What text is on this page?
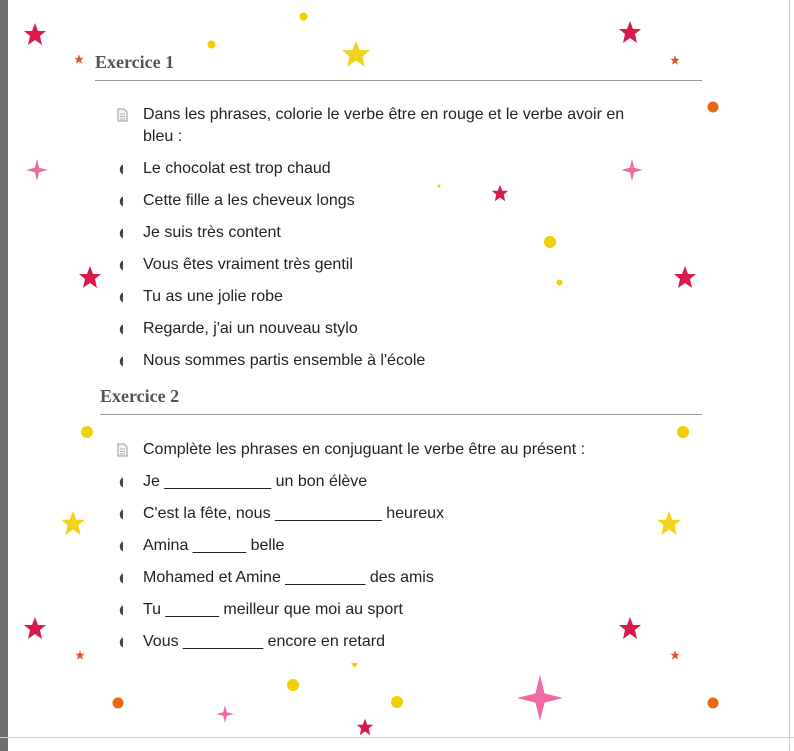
Exercice 1
Dans les phrases, colorie le verbe être en rouge et le verbe avoir en
bleu :
Le chocolat est trop chaud
Cette fille a les cheveux longs
Je suis très content
Vous êtes vraiment très gentil
Tu as une jolie robe
Regarde, j'ai un nouveau stylo
Nous sommes partis ensemble à l'école
Exercice 2
Complète les phrases en conjuguant le verbe être au présent :
Je ____________ un bon élève
C'est la fête, nous ____________ heureux
Amina ______ belle
Mohamed et Amine _________ des amis
Tu ______ meilleur que moi au sport
Vous _________ encore en retard
